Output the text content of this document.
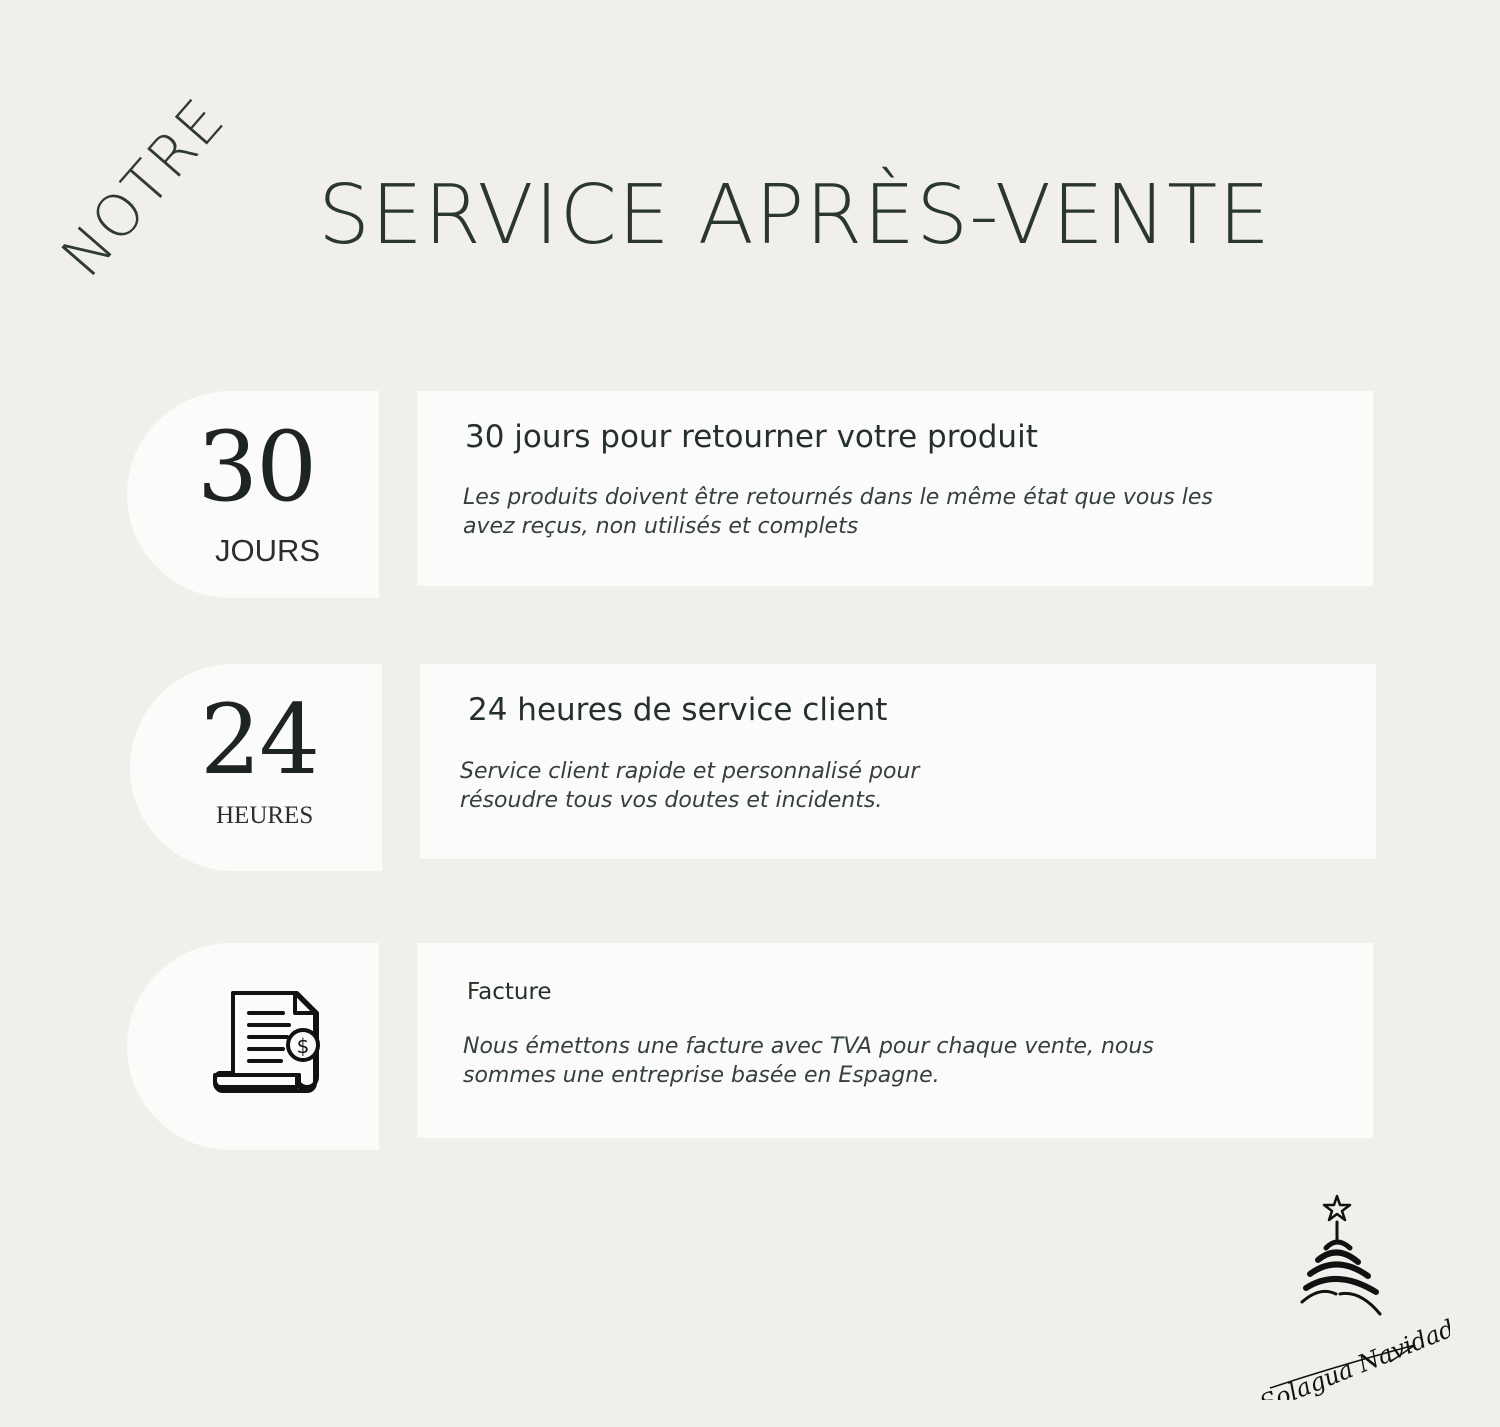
NOTRE SERVICE APRÈS-VENTE
30
JOURS
30 jours pour retourner votre produit
Les produits doivent être retournés dans le même état que vous les avez reçus, non utilisés et complets
24
HEURES
24 heures de service client
Service client rapide et personnalisé pour résoudre tous vos doutes et incidents.
$
Facture
Nous émettons une facture avec TVA pour chaque vente, nous sommes une entreprise basée en Espagne.
Solagua Navidad
